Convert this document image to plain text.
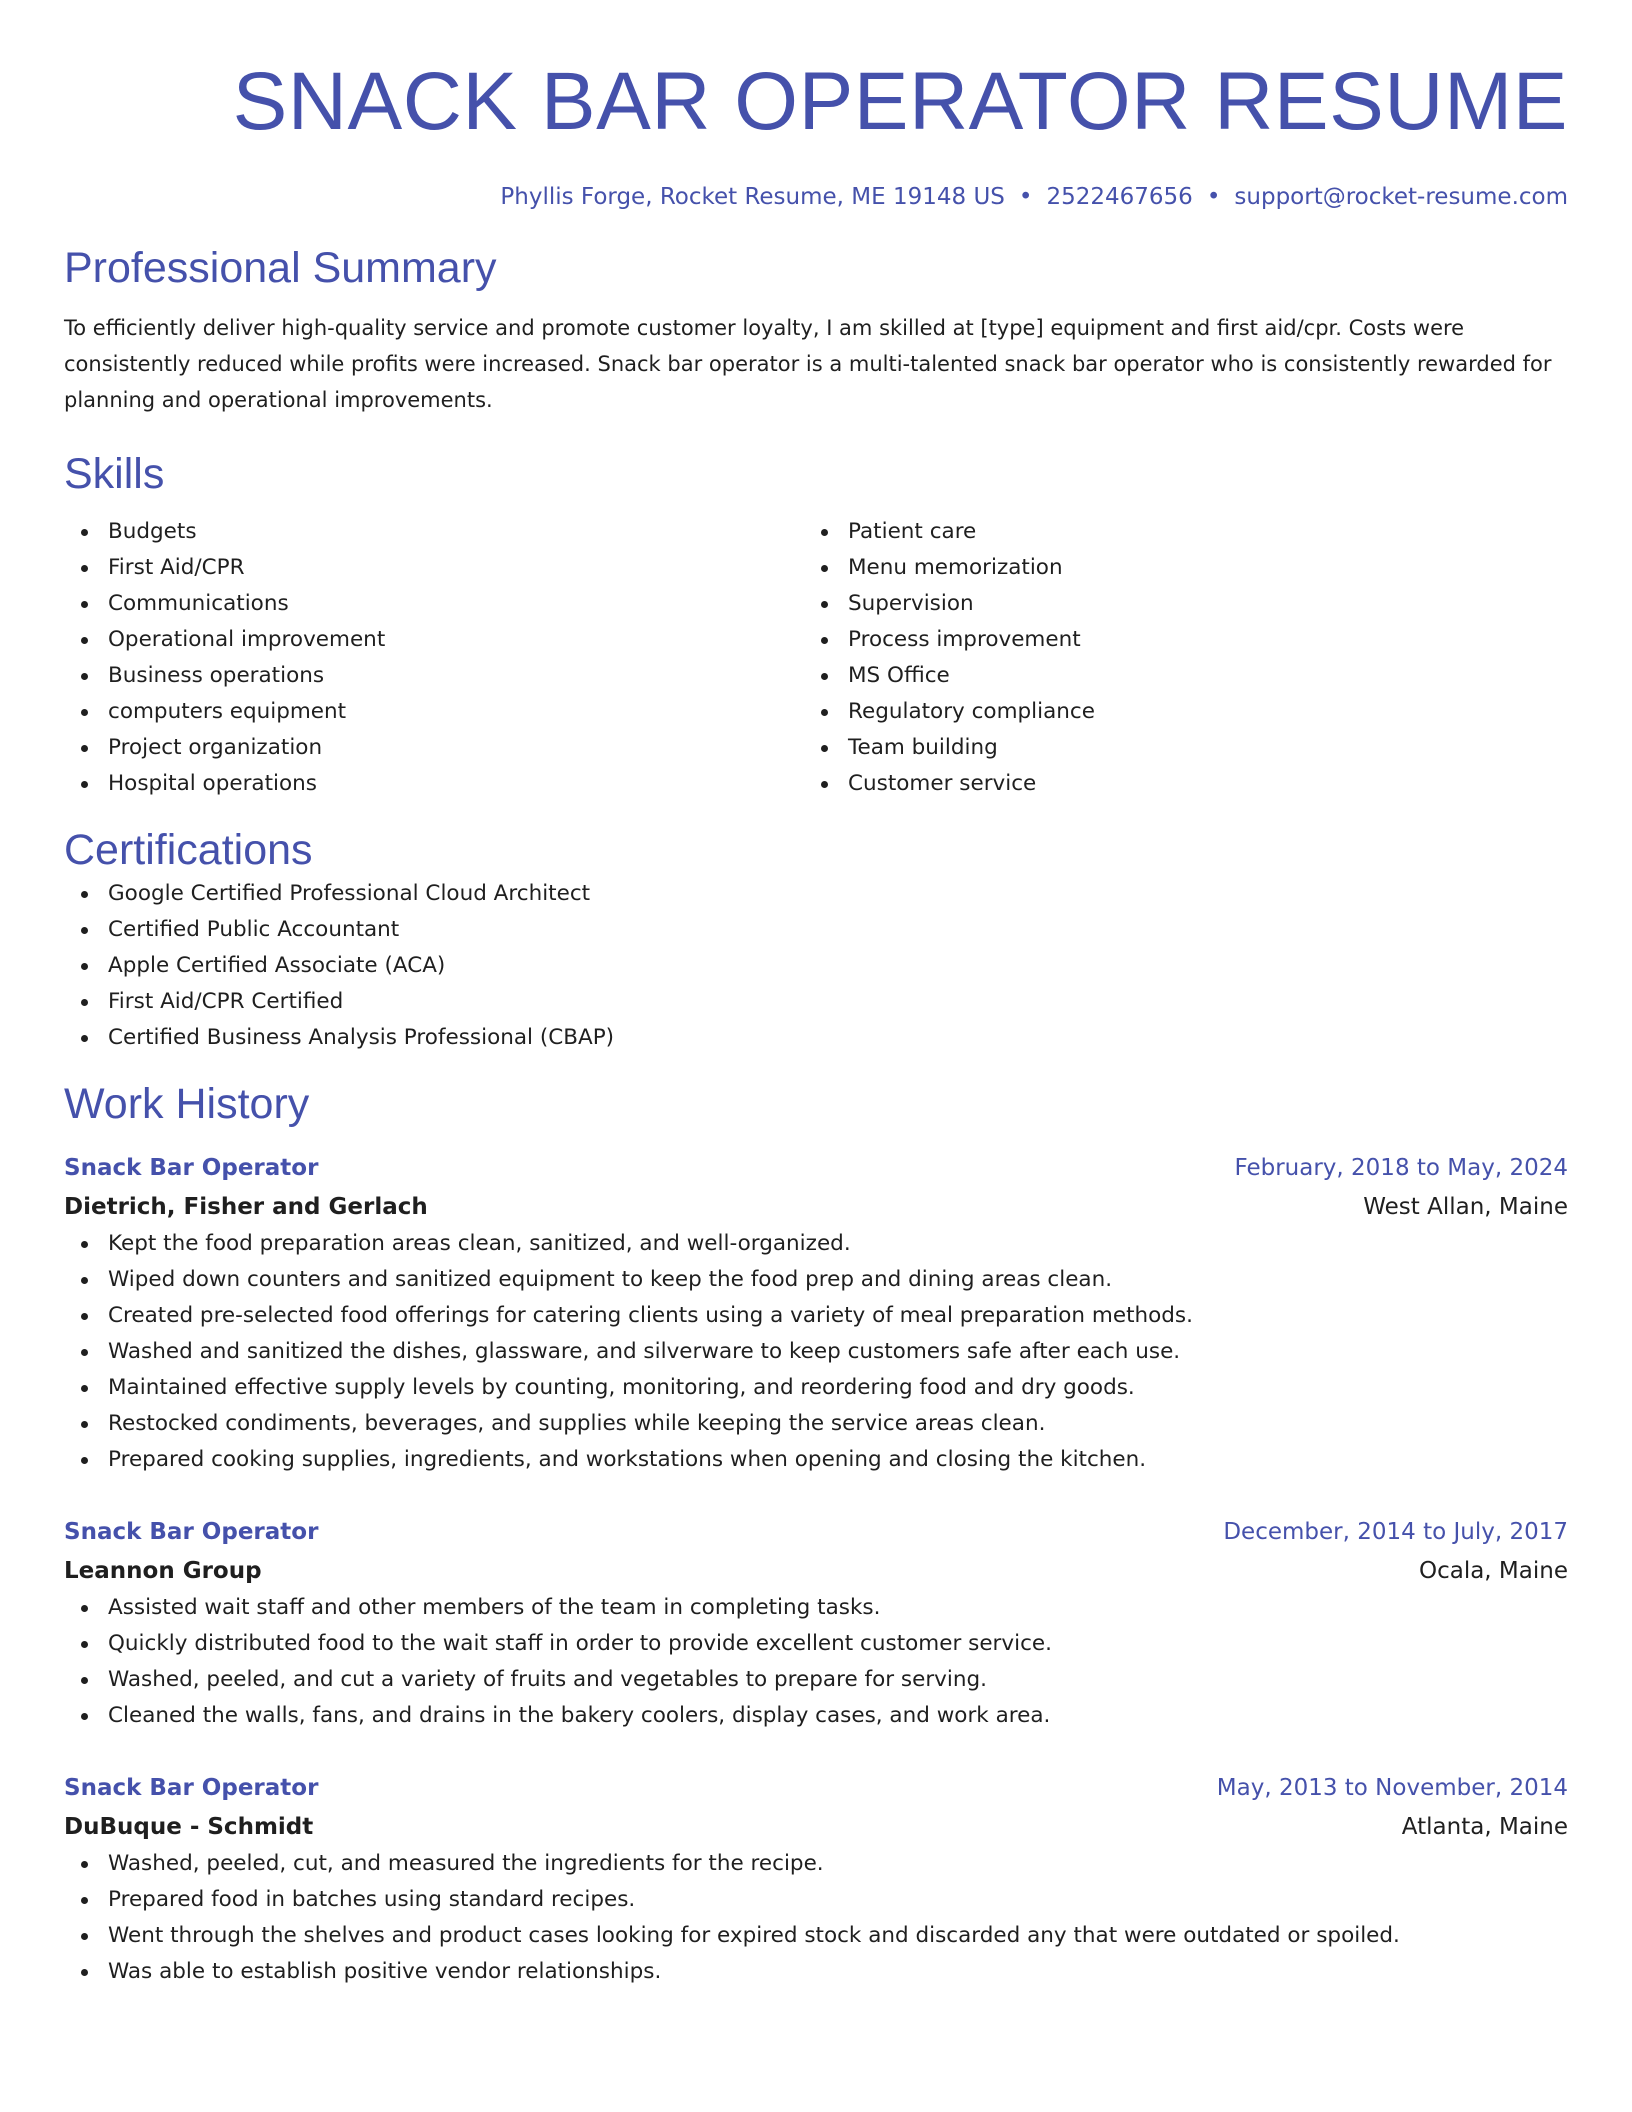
SNACK BAR OPERATOR RESUME
Phyllis Forge, Rocket Resume, ME 19148 US • 2522467656 • support@rocket-resume.com
Professional Summary

To efficiently deliver high-quality service and promote customer loyalty, I am skilled at [type] equipment and first aid/cpr. Costs were consistently reduced while profits were increased. Snack bar operator is a multi-talented snack bar operator who is consistently rewarded for planning and operational improvements.

Skills
Budgets
First Aid/CPR
Communications
Operational improvement
Business operations
computers equipment
Project organization
Hospital operations
Patient care
Menu memorization
Supervision
Process improvement
MS Office
Regulatory compliance
Team building
Customer service
Certifications
Google Certified Professional Cloud Architect
Certified Public Accountant
Apple Certified Associate (ACA)
First Aid/CPR Certified
Certified Business Analysis Professional (CBAP)
Work History
Snack Bar Operator	February, 2018 to May, 2024
Dietrich, Fisher and Gerlach	West Allan, Maine
Kept the food preparation areas clean, sanitized, and well-organized.
Wiped down counters and sanitized equipment to keep the food prep and dining areas clean.
Created pre-selected food offerings for catering clients using a variety of meal preparation methods.
Washed and sanitized the dishes, glassware, and silverware to keep customers safe after each use.
Maintained effective supply levels by counting, monitoring, and reordering food and dry goods.
Restocked condiments, beverages, and supplies while keeping the service areas clean.
Prepared cooking supplies, ingredients, and workstations when opening and closing the kitchen.
Snack Bar Operator	December, 2014 to July, 2017
Leannon Group	Ocala, Maine
Assisted wait staff and other members of the team in completing tasks.
Quickly distributed food to the wait staff in order to provide excellent customer service.
Washed, peeled, and cut a variety of fruits and vegetables to prepare for serving.
Cleaned the walls, fans, and drains in the bakery coolers, display cases, and work area.
Snack Bar Operator	May, 2013 to November, 2014
DuBuque - Schmidt	Atlanta, Maine
Washed, peeled, cut, and measured the ingredients for the recipe.
Prepared food in batches using standard recipes.
Went through the shelves and product cases looking for expired stock and discarded any that were outdated or spoiled.
Was able to establish positive vendor relationships.
